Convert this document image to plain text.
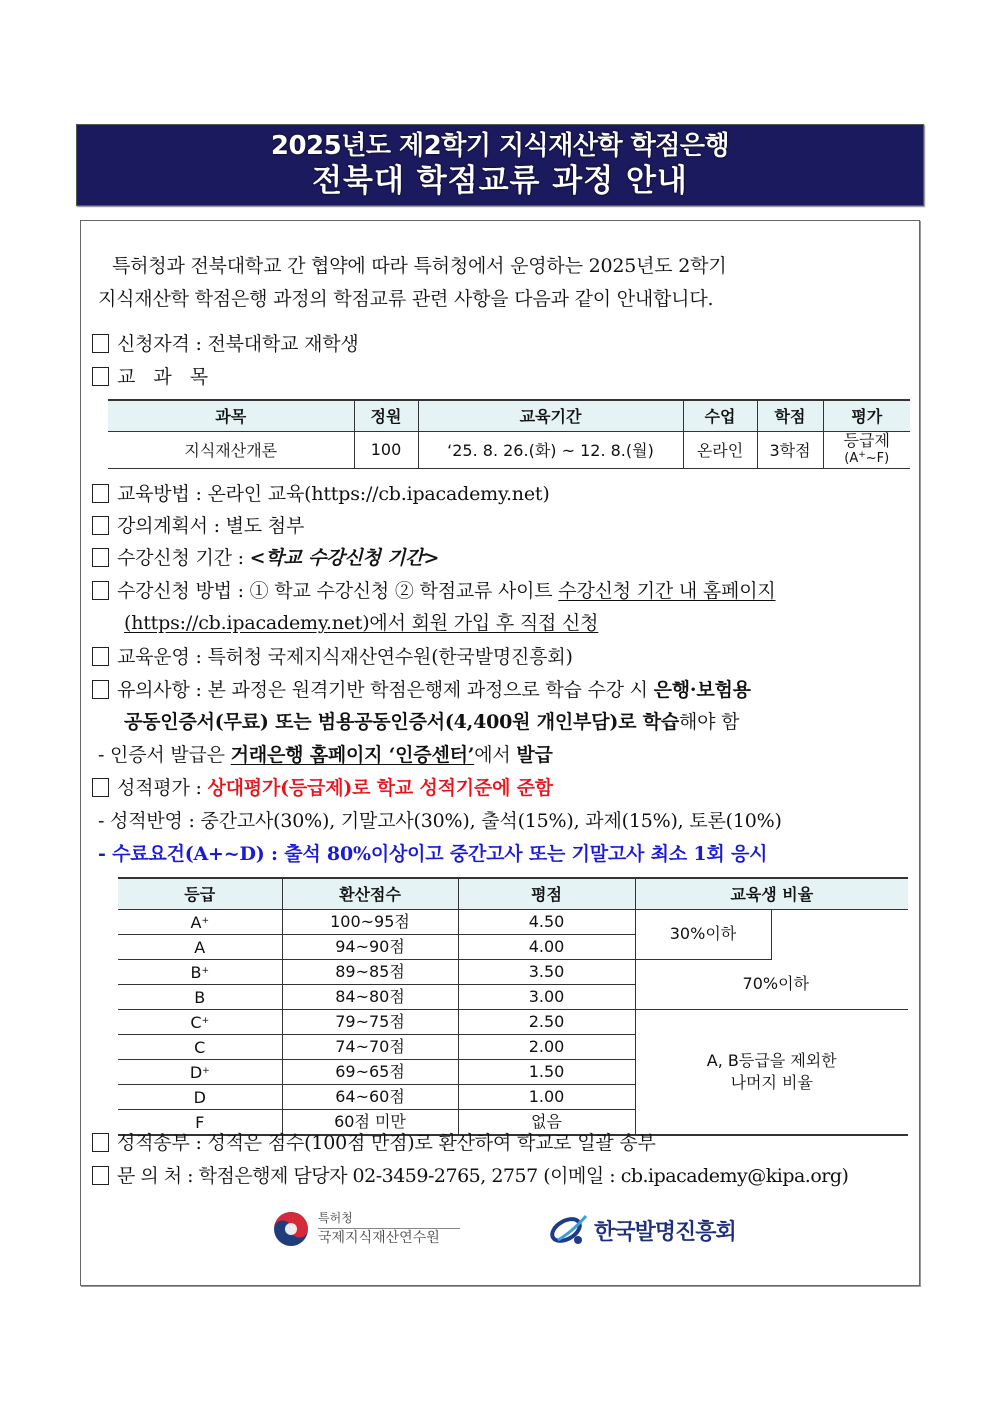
2025년도 제2학기 지식재산학 학점은행
전북대 학점교류 과정 안내
특허청과 전북대학교 간 협약에 따라 특허청에서 운영하는 2025년도 2학기
지식재산학 학점은행 과정의 학점교류 관련 사항을 다음과 같이 안내합니다.
신청자격 : 전북대학교 재학생
교 과 목
과목	정원	교육기간	수업	학점	평가
지식재산개론	100	‘25. 8. 26.(화) ~ 12. 8.(월)	온라인	3학점	등급제
(A+~F)
교육방법 : 온라인 교육(https://cb.ipacademy.net)
강의계획서 : 별도 첨부
수강신청 기간 : <학교 수강신청 기간>
수강신청 방법 : ① 학교 수강신청 ② 학점교류 사이트 수강신청 기간 내 홈페이지
(https://cb.ipacademy.net)에서 회원 가입 후 직접 신청
교육운영 : 특허청 국제지식재산연수원(한국발명진흥회)
유의사항 : 본 과정은 원격기반 학점은행제 과정으로 학습 수강 시 은행·보험용
공동인증서(무료) 또는 범용공동인증서(4,400원 개인부담)로 학습해야 함
- 인증서 발급은 거래은행 홈페이지 ‘인증센터’에서 발급
성적평가 : 상대평가(등급제)로 학교 성적기준에 준함
- 성적반영 : 중간고사(30%), 기말고사(30%), 출석(15%), 과제(15%), 토론(10%)
- 수료요건(A+~D) : 출석 80%이상이고 중간고사 또는 기말고사 최소 1회 응시
등급	환산점수	평점	교육생 비율	
A+	100~95점	4.50	30%이하	
A	94~90점	4.00		
B+	89~85점	3.50	70%이하	
B	84~80점	3.00		
C+	79~75점	2.50	A, B등급을 제외한
나머지 비율	

C	74~70점	2.00		
D+	69~65점	1.50		
D	64~60점	1.00		
F	60점 미만	없음		
성적송부 : 성적은 점수(100점 만점)로 환산하여 학교로 일괄 송부
문 의 처 : 학점은행제 담당자 02-3459-2765, 2757 (이메일 : cb.ipacademy@kipa.org)
특허청
국제지식재산연수원	한국발명진흥회
